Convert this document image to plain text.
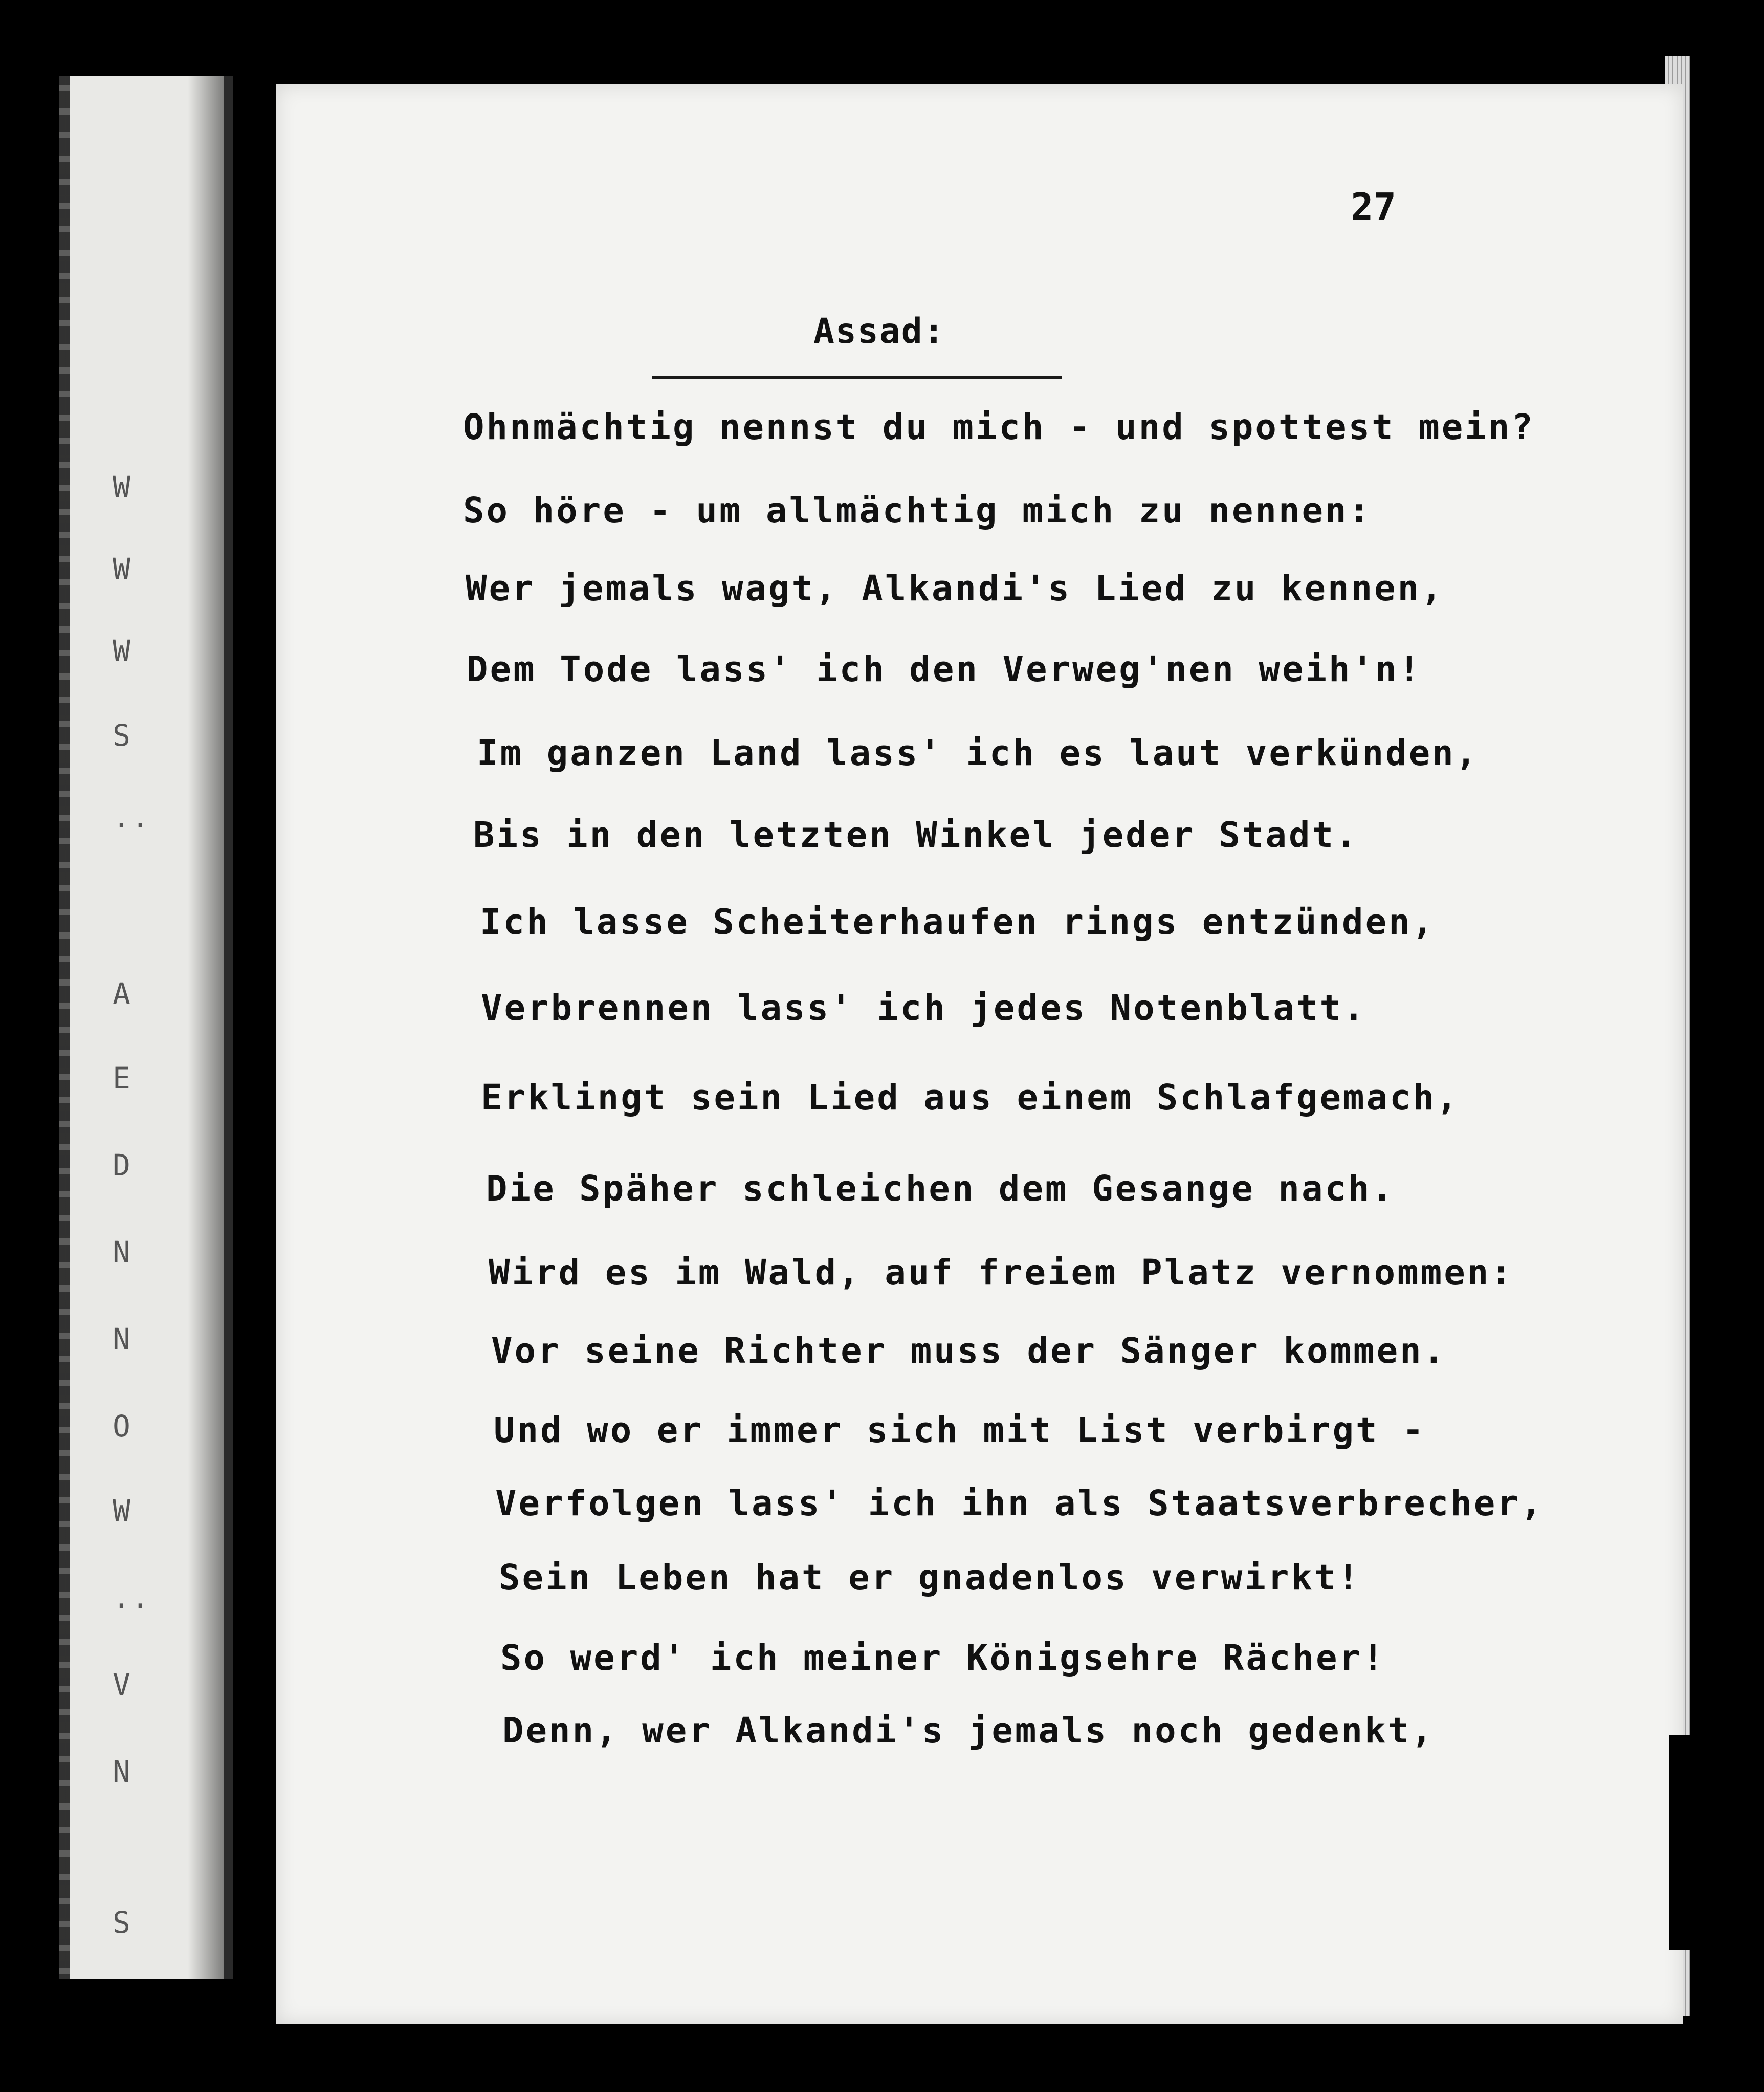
W
W
W
S
..
A
E
D
N
N
O
W
..
V
N
S

27

Assad:

Ohnmächtig nennst du mich - und spottest mein?

So höre - um allmächtig mich zu nennen:

Wer jemals wagt, Alkandi's Lied zu kennen,

Dem Tode lass' ich den Verweg'nen weih'n!

Im ganzen Land lass' ich es laut verkünden,

Bis in den letzten Winkel jeder Stadt.

Ich lasse Scheiterhaufen rings entzünden,

Verbrennen lass' ich jedes Notenblatt.

Erklingt sein Lied aus einem Schlafgemach,

Die Späher schleichen dem Gesange nach.

Wird es im Wald, auf freiem Platz vernommen:

Vor seine Richter muss der Sänger kommen.

Und wo er immer sich mit List verbirgt -

Verfolgen lass' ich ihn als Staatsverbrecher,

Sein Leben hat er gnadenlos verwirkt!

So werd' ich meiner Königsehre Rächer!

Denn, wer Alkandi's jemals noch gedenkt,
